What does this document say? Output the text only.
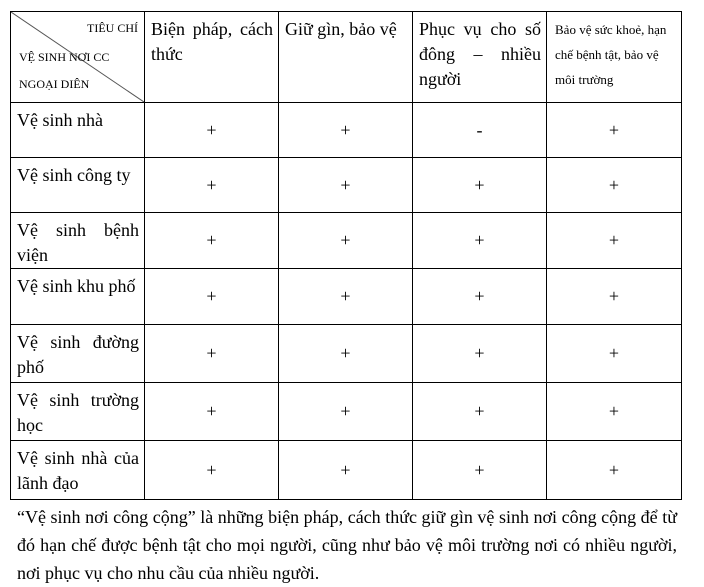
TIÊU CHÍ
VỆ SINH NƠI CC
NGOẠI DIÊN	Biện pháp, cách thức	Giữ gìn, bảo vệ	Phục vụ cho số đông – nhiều người	Bảo vệ sức khoẻ, hạn chế bệnh tật, bảo vệ môi trường

Vệ sinh nhà	+	+	-	+

Vệ sinh công ty	+	+	+	+

Vệ sinh bệnh viện	+	+	+	+

Vệ sinh khu phố	+	+	+	+

Vệ sinh đường phố	+	+	+	+

Vệ sinh trường học	+	+	+	+

Vệ sinh nhà của lãnh đạo	+	+	+	+

“Vệ sinh nơi công cộng” là những biện pháp, cách thức giữ gìn vệ sinh nơi công cộng để từ đó hạn chế được bệnh tật cho mọi người, cũng như bảo vệ môi trường nơi có nhiều người, nơi phục vụ cho nhu cầu của nhiều người.
